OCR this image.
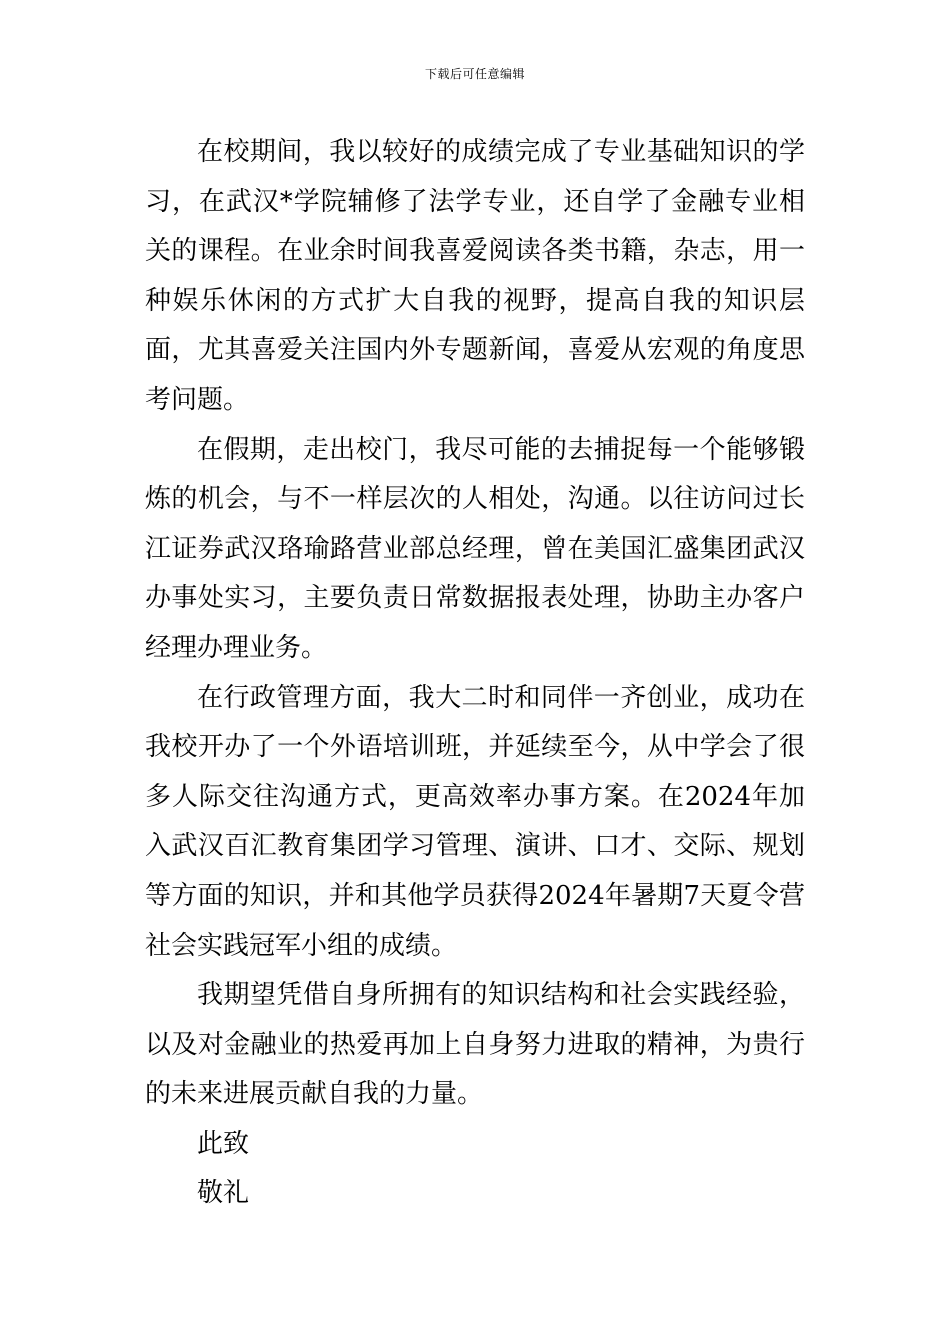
下载后可任意编辑

在校期间，我以较好的成绩完成了专业基础知识的学习，在武汉*学院辅修了法学专业，还自学了金融专业相关的课程。在业余时间我喜爱阅读各类书籍，杂志，用一种娱乐休闲的方式扩大自我的视野，提高自我的知识层面，尤其喜爱关注国内外专题新闻，喜爱从宏观的角度思考问题。

在假期，走出校门，我尽可能的去捕捉每一个能够锻炼的机会，与不一样层次的人相处，沟通。以往访问过长江证券武汉珞瑜路营业部总经理，曾在美国汇盛集团武汉办事处实习，主要负责日常数据报表处理，协助主办客户经理办理业务。

在行政管理方面，我大二时和同伴一齐创业，成功在我校开办了一个外语培训班，并延续至今，从中学会了很多人际交往沟通方式，更高效率办事方案。在2024年加入武汉百汇教育集团学习管理、演讲、口才、交际、规划等方面的知识，并和其他学员获得2024年暑期7天夏令营社会实践冠军小组的成绩。

我期望凭借自身所拥有的知识结构和社会实践经验，以及对金融业的热爱再加上自身努力进取的精神，为贵行的未来进展贡献自我的力量。

此致

敬礼
